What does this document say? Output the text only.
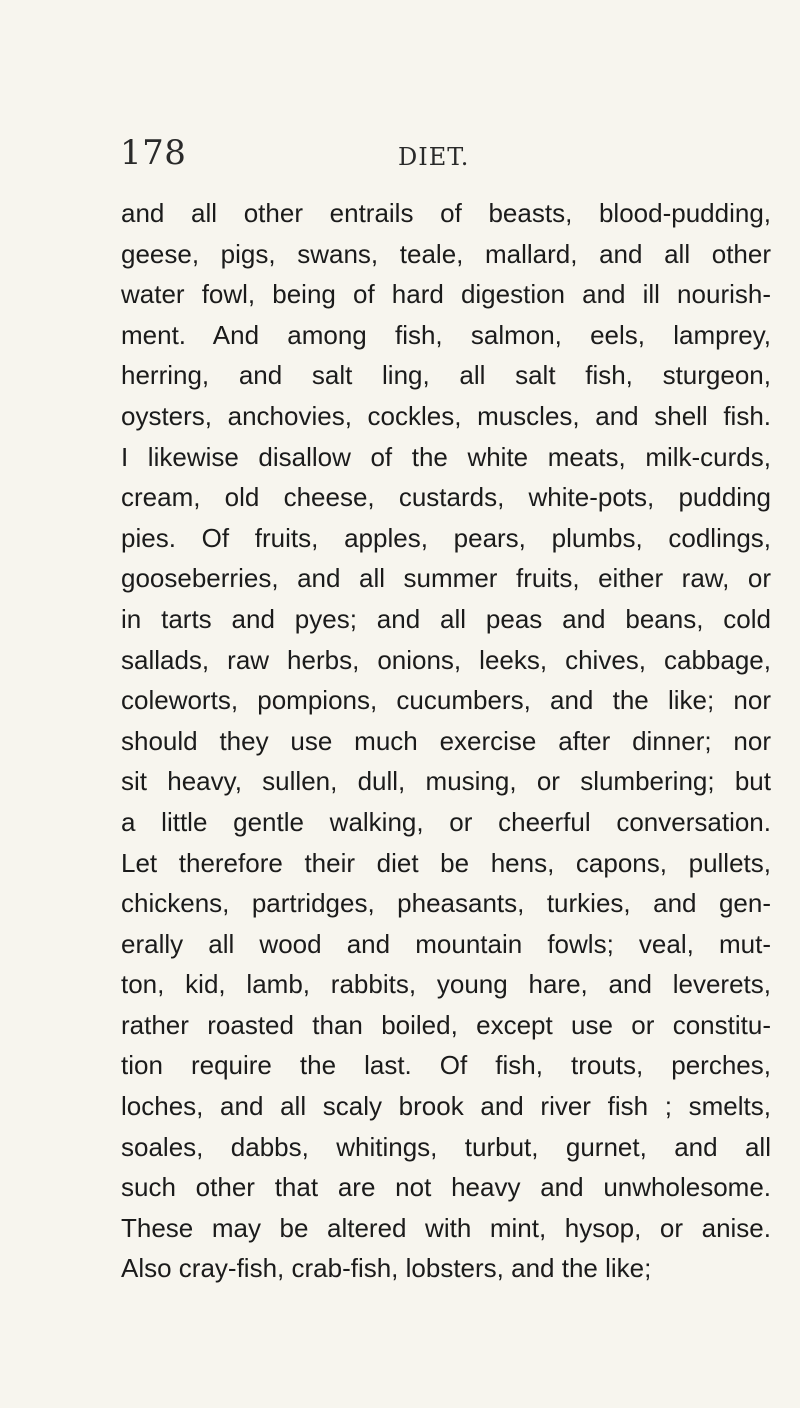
178	DIET.

and all other entrails of beasts, blood-pudding,
geese, pigs, swans, teale, mallard, and all other
water fowl, being of hard digestion and ill nourish-
ment. And among fish, salmon, eels, lamprey,
herring, and salt ling, all salt fish, sturgeon,
oysters, anchovies, cockles, muscles, and shell fish.
I likewise disallow of the white meats, milk-curds,
cream, old cheese, custards, white-pots, pudding
pies. Of fruits, apples, pears, plumbs, codlings,
gooseberries, and all summer fruits, either raw, or
in tarts and pyes; and all peas and beans, cold
sallads, raw herbs, onions, leeks, chives, cabbage,
coleworts, pompions, cucumbers, and the like; nor
should they use much exercise after dinner; nor
sit heavy, sullen, dull, musing, or slumbering; but
a little gentle walking, or cheerful conversation.
Let therefore their diet be hens, capons, pullets,
chickens, partridges, pheasants, turkies, and gen-
erally all wood and mountain fowls; veal, mut-
ton, kid, lamb, rabbits, young hare, and leverets,
rather roasted than boiled, except use or constitu-
tion require the last. Of fish, trouts, perches,
loches, and all scaly brook and river fish ; smelts,
soales, dabbs, whitings, turbut, gurnet, and all
such other that are not heavy and unwholesome.
These may be altered with mint, hysop, or anise.
Also cray-fish, crab-fish, lobsters, and the like;
